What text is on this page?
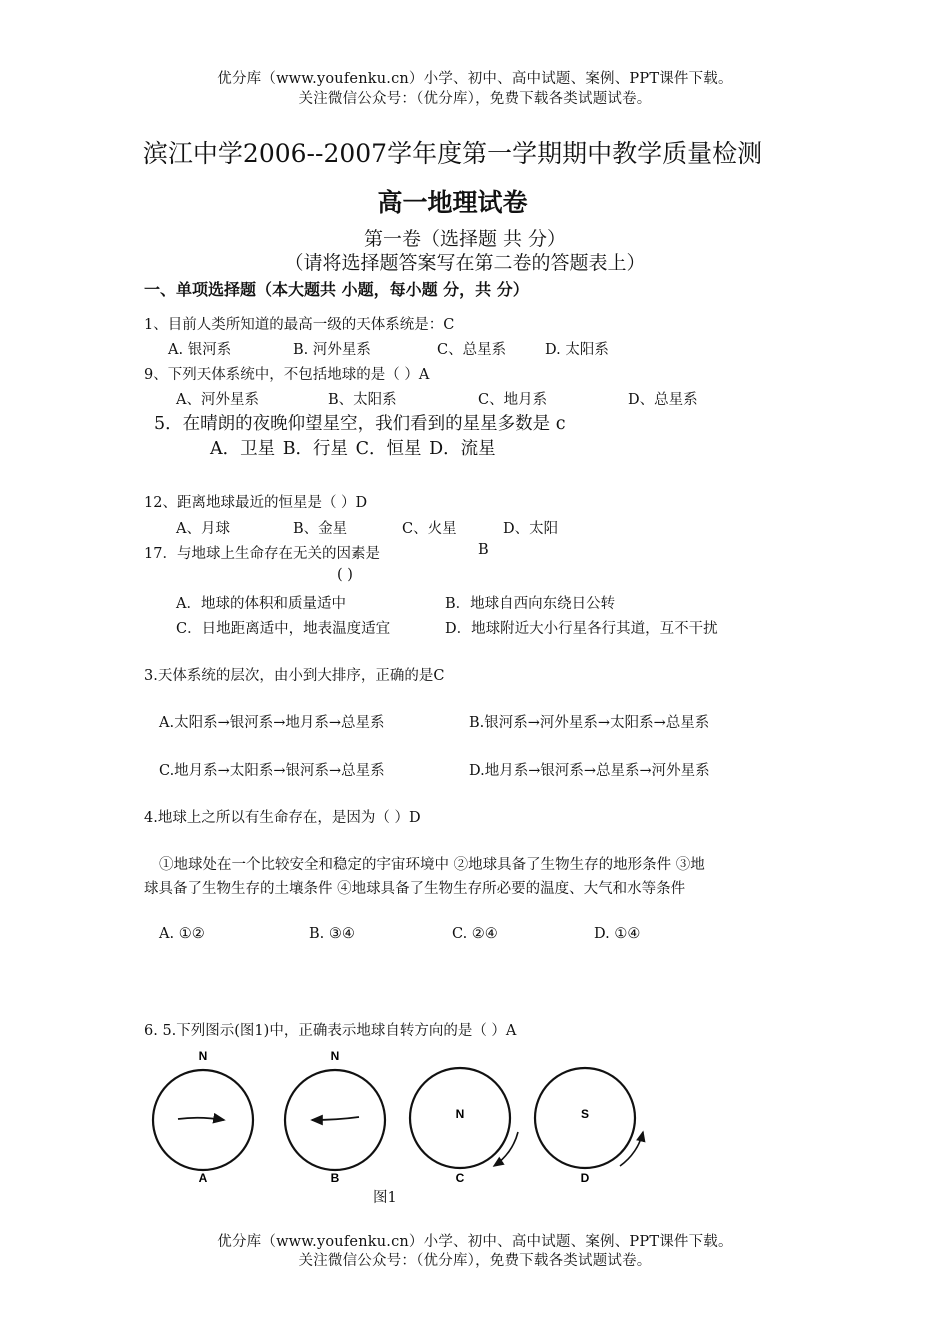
优分库（www.youfenku.cn）小学、初中、高中试题、案例、PPT课件下载。
关注微信公众号：（优分库），免费下载各类试题试卷。
滨江中学2006--2007学年度第一学期期中教学质量检测
高一地理试卷
第一卷（选择题 共 分）
（请将选择题答案写在第二卷的答题表上）
一、单项选择题（本大题共 小题，每小题 分，共 分）
1、目前人类所知道的最高一级的天体系统是：C
A. 银河系	B. 河外星系	C、总星系	D. 太阳系
9、下列天体系统中，不包括地球的是（ ）A
A、河外星系	B、太阳系	C、地月系	D、总星系
5．在晴朗的夜晚仰望星空，我们看到的星星多数是 c
A．卫星 B．行星 C．恒星 D．流星
12、距离地球最近的恒星是（ ）D
A、月球	B、金星	C、火星	D、太阳
17．与地球上生命存在无关的因素是	B
( )
A．地球的体积和质量适中	B．地球自西向东绕日公转
C．日地距离适中，地表温度适宜	D．地球附近大小行星各行其道，互不干扰
3.天体系统的层次，由小到大排序，正确的是C
A.太阳系→银河系→地月系→总星系	B.银河系→河外星系→太阳系→总星系
C.地月系→太阳系→银河系→总星系	D.地月系→银河系→总星系→河外星系
4.地球上之所以有生命存在，是因为（ ）D
①地球处在一个比较安全和稳定的宇宙环境中 ②地球具备了生物生存的地形条件 ③地
球具备了生物生存的土壤条件 ④地球具备了生物生存所必要的温度、大气和水等条件
A. ①②	B. ③④	C. ②④	D. ①④
6. 5.下列图示(图1)中，正确表示地球自转方向的是（ ）A
N
A
N
B
N
C
S
D
图1
优分库（www.youfenku.cn）小学、初中、高中试题、案例、PPT课件下载。
关注微信公众号：（优分库），免费下载各类试题试卷。
